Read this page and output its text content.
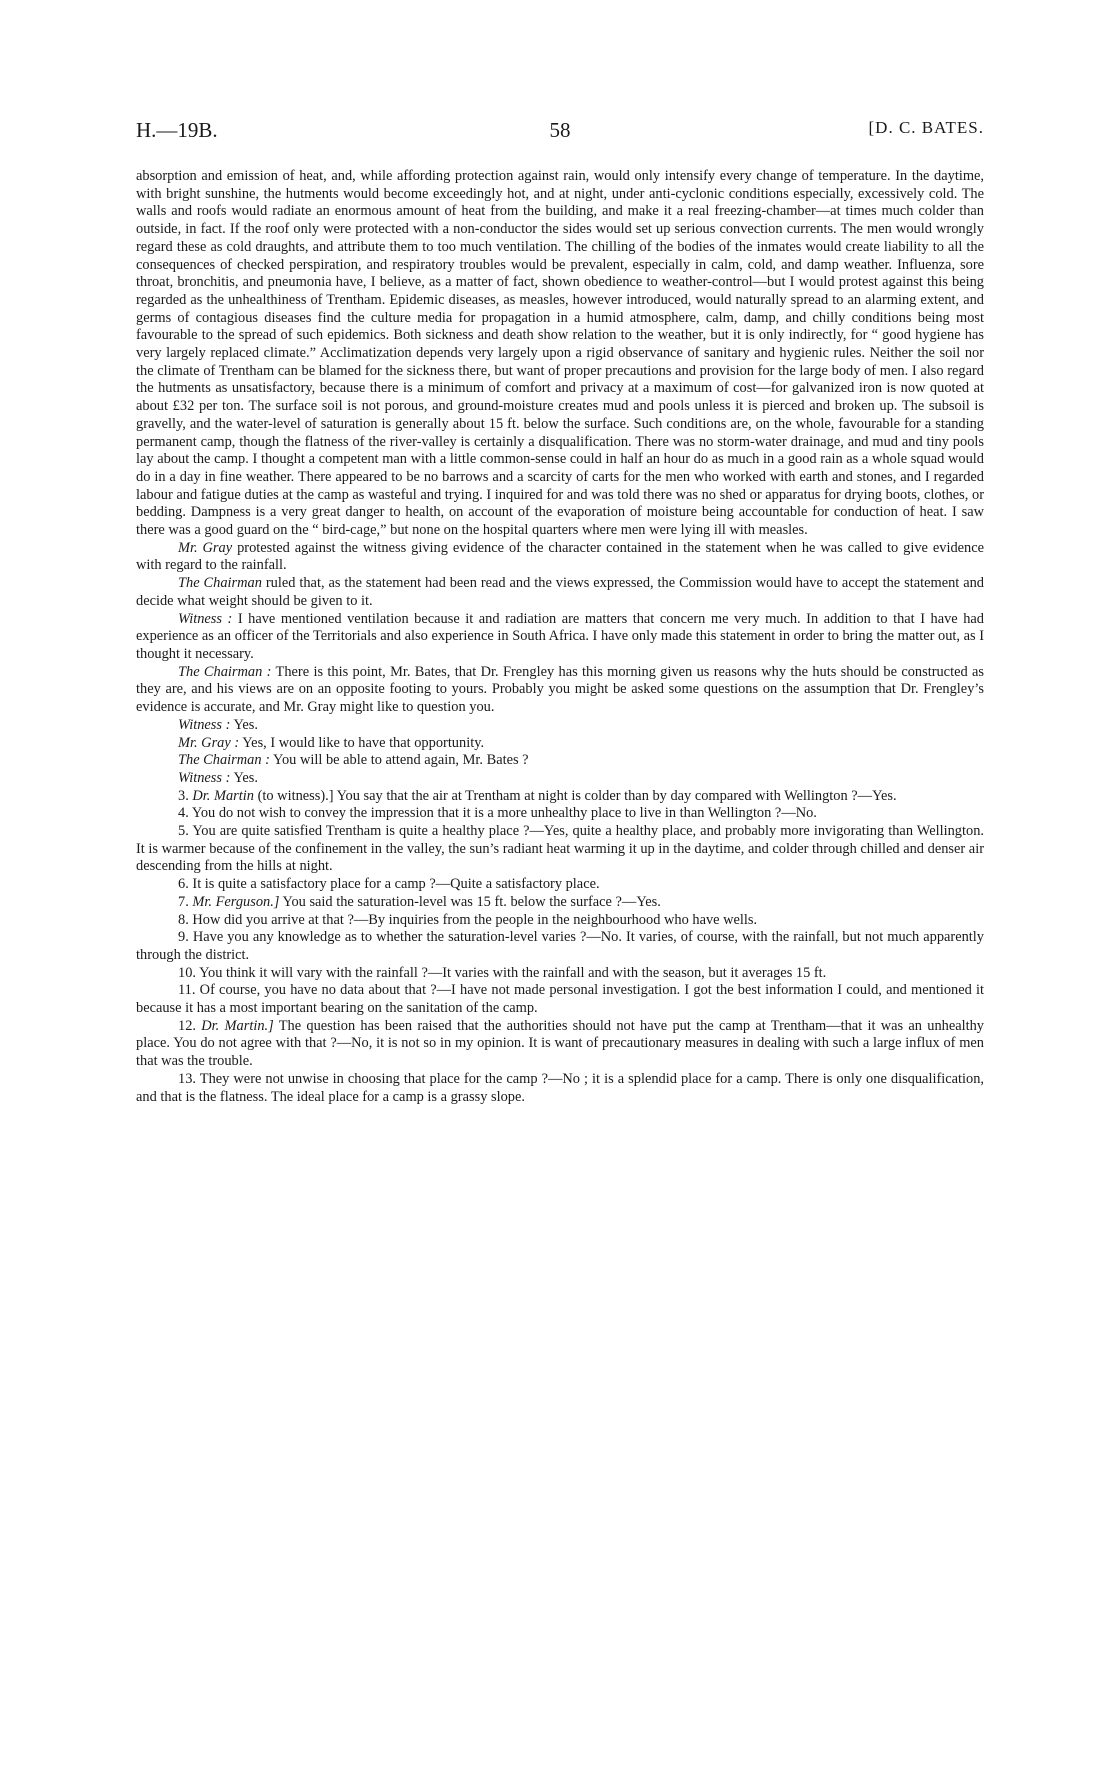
H.—19B.	58	[D. C. BATES.

absorption and emission of heat, and, while affording protection against rain, would only intensify every change of temperature. In the daytime, with bright sunshine, the hutments would become exceedingly hot, and at night, under anti-cyclonic conditions especially, excessively cold. The walls and roofs would radiate an enormous amount of heat from the building, and make it a real freezing-chamber—at times much colder than outside, in fact. If the roof only were protected with a non-conductor the sides would set up serious convection currents. The men would wrongly regard these as cold draughts, and attribute them to too much ventilation. The chilling of the bodies of the inmates would create liability to all the consequences of checked perspiration, and respiratory troubles would be prevalent, especially in calm, cold, and damp weather. Influenza, sore throat, bronchitis, and pneumonia have, I believe, as a matter of fact, shown obedience to weather-control—but I would protest against this being regarded as the unhealthiness of Trentham. Epidemic diseases, as measles, however introduced, would naturally spread to an alarming extent, and germs of contagious diseases find the culture media for propagation in a humid atmosphere, calm, damp, and chilly conditions being most favourable to the spread of such epidemics. Both sickness and death show relation to the weather, but it is only indirectly, for “ good hygiene has very largely replaced climate.” Acclimatization depends very largely upon a rigid observance of sanitary and hygienic rules. Neither the soil nor the climate of Trentham can be blamed for the sickness there, but want of proper precautions and provision for the large body of men. I also regard the hutments as unsatisfactory, because there is a minimum of comfort and privacy at a maximum of cost—for galvanized iron is now quoted at about £32 per ton. The surface soil is not porous, and ground-moisture creates mud and pools unless it is pierced and broken up. The subsoil is gravelly, and the water-level of saturation is generally about 15 ft. below the surface. Such conditions are, on the whole, favourable for a standing permanent camp, though the flatness of the river-valley is certainly a disqualification. There was no storm-water drainage, and mud and tiny pools lay about the camp. I thought a competent man with a little common-sense could in half an hour do as much in a good rain as a whole squad would do in a day in fine weather. There appeared to be no barrows and a scarcity of carts for the men who worked with earth and stones, and I regarded labour and fatigue duties at the camp as wasteful and trying. I inquired for and was told there was no shed or apparatus for drying boots, clothes, or bedding. Dampness is a very great danger to health, on account of the evaporation of moisture being accountable for conduction of heat. I saw there was a good guard on the “ bird-cage,” but none on the hospital quarters where men were lying ill with measles.

Mr. Gray protested against the witness giving evidence of the character contained in the statement when he was called to give evidence with regard to the rainfall.

The Chairman ruled that, as the statement had been read and the views expressed, the Commission would have to accept the statement and decide what weight should be given to it.

Witness : I have mentioned ventilation because it and radiation are matters that concern me very much. In addition to that I have had experience as an officer of the Territorials and also experience in South Africa. I have only made this statement in order to bring the matter out, as I thought it necessary.

The Chairman : There is this point, Mr. Bates, that Dr. Frengley has this morning given us reasons why the huts should be constructed as they are, and his views are on an opposite footing to yours. Probably you might be asked some questions on the assumption that Dr. Frengley’s evidence is accurate, and Mr. Gray might like to question you.

Witness : Yes.

Mr. Gray : Yes, I would like to have that opportunity.

The Chairman : You will be able to attend again, Mr. Bates ?

Witness : Yes.

3. Dr. Martin (to witness).] You say that the air at Trentham at night is colder than by day compared with Wellington ?—Yes.

4. You do not wish to convey the impression that it is a more unhealthy place to live in than Wellington ?—No.

5. You are quite satisfied Trentham is quite a healthy place ?—Yes, quite a healthy place, and probably more invigorating than Wellington. It is warmer because of the confinement in the valley, the sun’s radiant heat warming it up in the daytime, and colder through chilled and denser air descending from the hills at night.

6. It is quite a satisfactory place for a camp ?—Quite a satisfactory place.

7. Mr. Ferguson.] You said the saturation-level was 15 ft. below the surface ?—Yes.

8. How did you arrive at that ?—By inquiries from the people in the neighbourhood who have wells.

9. Have you any knowledge as to whether the saturation-level varies ?—No. It varies, of course, with the rainfall, but not much apparently through the district.

10. You think it will vary with the rainfall ?—It varies with the rainfall and with the season, but it averages 15 ft.

11. Of course, you have no data about that ?—I have not made personal investigation. I got the best information I could, and mentioned it because it has a most important bearing on the sanitation of the camp.

12. Dr. Martin.] The question has been raised that the authorities should not have put the camp at Trentham—that it was an unhealthy place. You do not agree with that ?—No, it is not so in my opinion. It is want of precautionary measures in dealing with such a large influx of men that was the trouble.

13. They were not unwise in choosing that place for the camp ?—No ; it is a splendid place for a camp. There is only one disqualification, and that is the flatness. The ideal place for a camp is a grassy slope.
